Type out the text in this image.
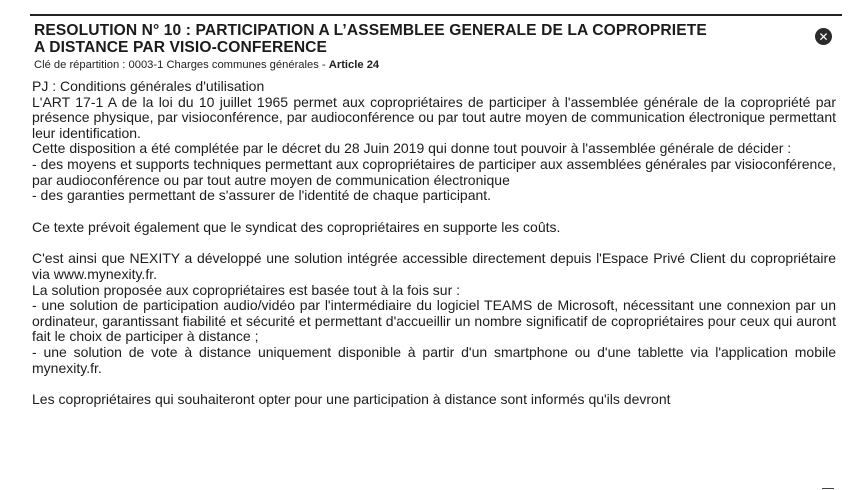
RESOLUTION N° 10 : PARTICIPATION A L’ASSEMBLEE GENERALE DE LA COPROPRIETE
A DISTANCE PAR VISIO-CONFERENCE

Clé de répartition : 0003-1 Charges communes générales - Article 24

✕

PJ : Conditions générales d'utilisation

L'ART 17-1 A de la loi du 10 juillet 1965 permet aux copropriétaires de participer à l'assemblée générale de la copropriété par présence physique, par visioconférence, par audioconférence ou par tout autre moyen de communication électronique permettant leur identification.

Cette disposition a été complétée par le décret du 28 Juin 2019 qui donne tout pouvoir à l'assemblée générale de décider :

- des moyens et supports techniques permettant aux copropriétaires de participer aux assemblées générales par visioconférence, par audioconférence ou par tout autre moyen de communication électronique

- des garanties permettant de s'assurer de l'identité de chaque participant.

Ce texte prévoit également que le syndicat des copropriétaires en supporte les coûts.

C'est ainsi que NEXITY a développé une solution intégrée accessible directement depuis l'Espace Privé Client du copropriétaire via www.mynexity.fr.

La solution proposée aux copropriétaires est basée tout à la fois sur :

- une solution de participation audio/vidéo par l'intermédiaire du logiciel TEAMS de Microsoft, nécessitant une connexion par un ordinateur, garantissant fiabilité et sécurité et permettant d'accueillir un nombre significatif de copropriétaires pour ceux qui auront fait le choix de participer à distance ;

- une solution de vote à distance uniquement disponible à partir d'un smartphone ou d'une tablette via l'application mobile mynexity.fr.

Les copropriétaires qui souhaiteront opter pour une participation à distance sont informés qu'ils devront
